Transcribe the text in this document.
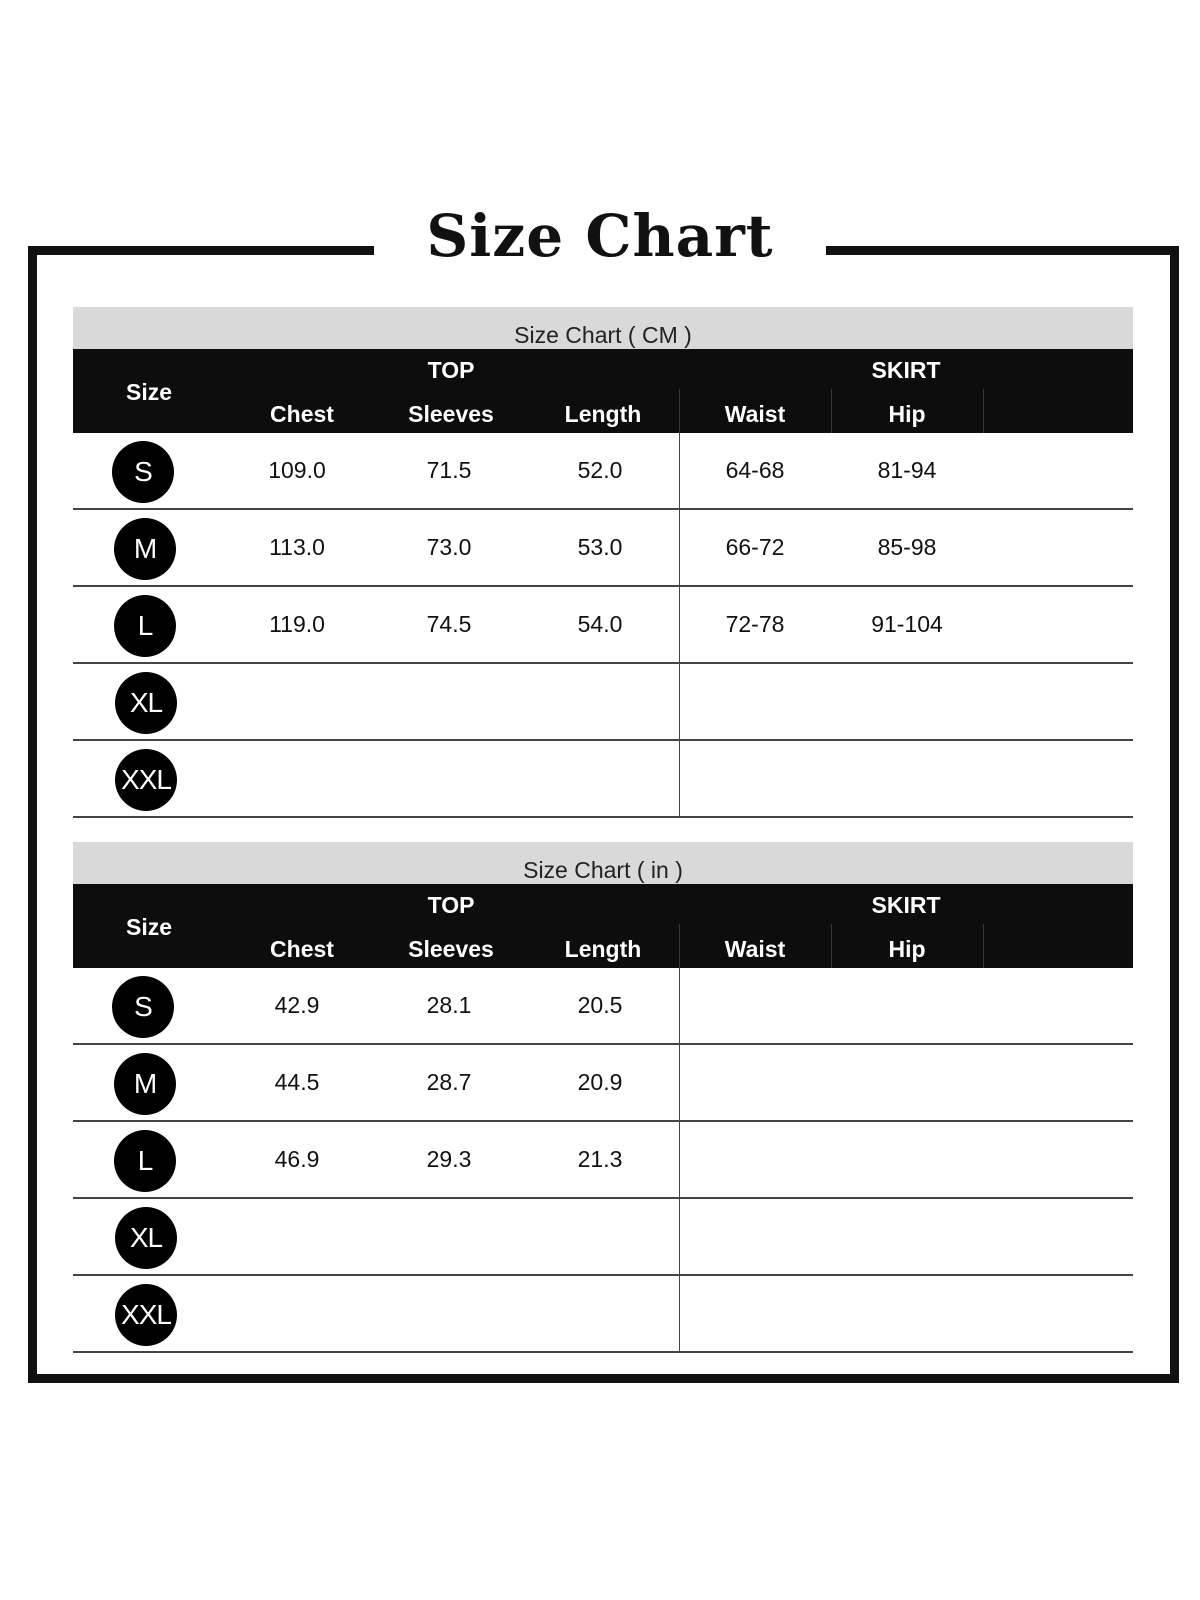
Size Chart
Size Chart ( CM )
Size
TOP	SKIRT
Chest	Sleeves	Length	Waist	Hip
S	109.0	71.5	52.0	64-68	81-94
M	113.0	73.0	53.0	66-72	85-98
L	119.0	74.5	54.0	72-78	91-104
XL
XXL
Size Chart ( in )
Size
TOP	SKIRT
Chest	Sleeves	Length	Waist	Hip
S	42.9	28.1	20.5
M	44.5	28.7	20.9
L	46.9	29.3	21.3
XL
XXL
